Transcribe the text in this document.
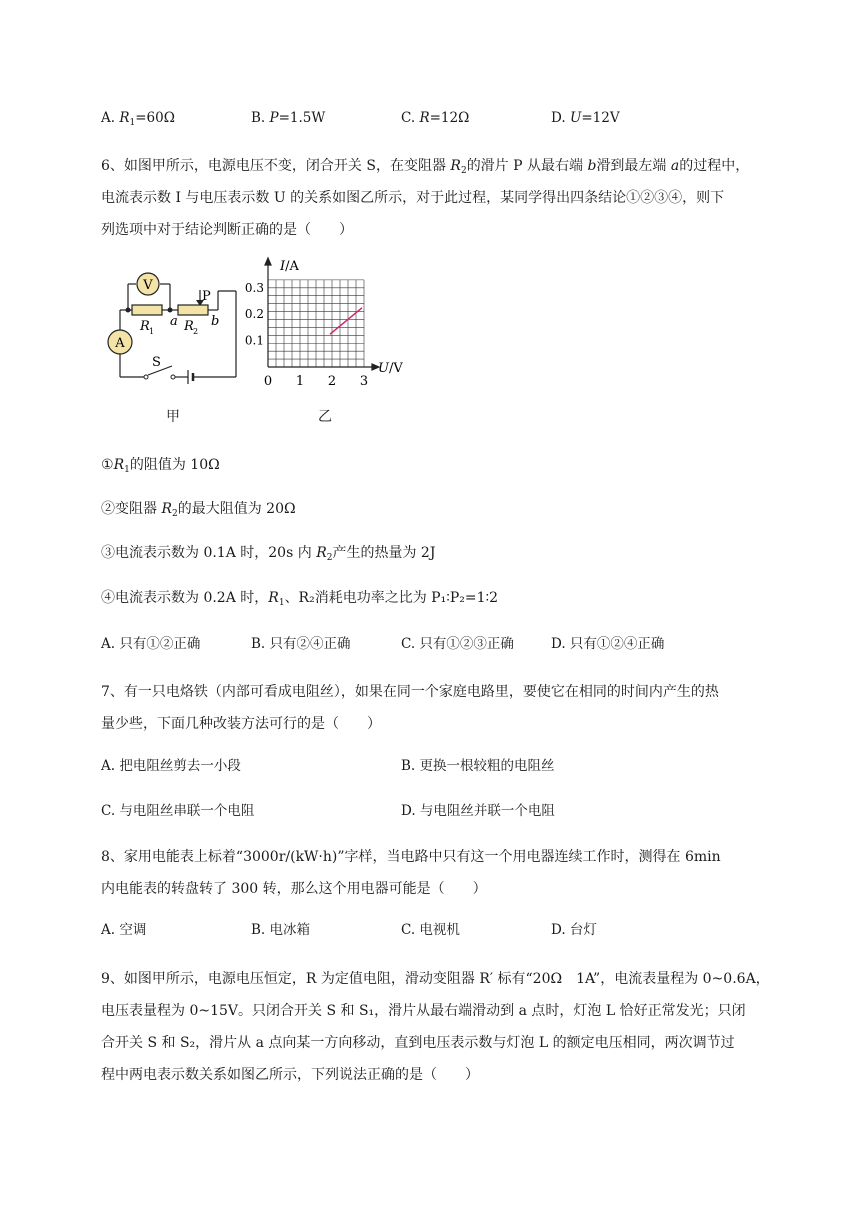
A. $R_1=60\Omega$	B. P=1.5W	C. R=12Ω	D. U=12V
6、如图甲所示，电源电压不变，闭合开关 S，在变阻器 $R_2$的滑片 P 从最右端 b滑到最左端 a的过程中，
电流表示数 I 与电压表示数 U 的关系如图乙所示，对于此过程，某同学得出四条结论①②③④，则下
列选项中对于结论判断正确的是（　　）
V
A
P
R 1 R 2
a	b
S
甲
0 1 2 3
0.1
0.2
0.3
I/A
U/V
乙
$①R_1$的阻值为 10Ω
②变阻器 $R_2$的最大阻值为 20Ω
③电流表示数为 0.1A 时，20s 内 $R_2$产生的热量为 2J
④电流表示数为 0.2A 时，$R_1$、R₂消耗电功率之比为 P₁∶P₂=1∶2
A. 只有①②正确	B. 只有②④正确	C. 只有①②③正确	D. 只有①②④正确
7、有一只电烙铁（内部可看成电阻丝），如果在同一个家庭电路里，要使它在相同的时间内产生的热
量少些，下面几种改装方法可行的是（　　）
A. 把电阻丝剪去一小段	B. 更换一根较粗的电阻丝
C. 与电阻丝串联一个电阻	D. 与电阻丝并联一个电阻
8、家用电能表上标着“3000r/(kW·h)”字样，当电路中只有这一个用电器连续工作时，测得在 6min
内电能表的转盘转了 300 转，那么这个用电器可能是（　　）
A. 空调	B. 电冰箱	C. 电视机	D. 台灯
9、如图甲所示，电源电压恒定，R 为定值电阻，滑动变阻器 R′ 标有“20Ω　1A”，电流表量程为 0~0.6A，
电压表量程为 0~15V。只闭合开关 S 和 S₁，滑片从最右端滑动到 a 点时，灯泡 L 恰好正常发光；只闭
合开关 S 和 S₂，滑片从 a 点向某一方向移动，直到电压表示数与灯泡 L 的额定电压相同，两次调节过
程中两电表示数关系如图乙所示，下列说法正确的是（　　）
